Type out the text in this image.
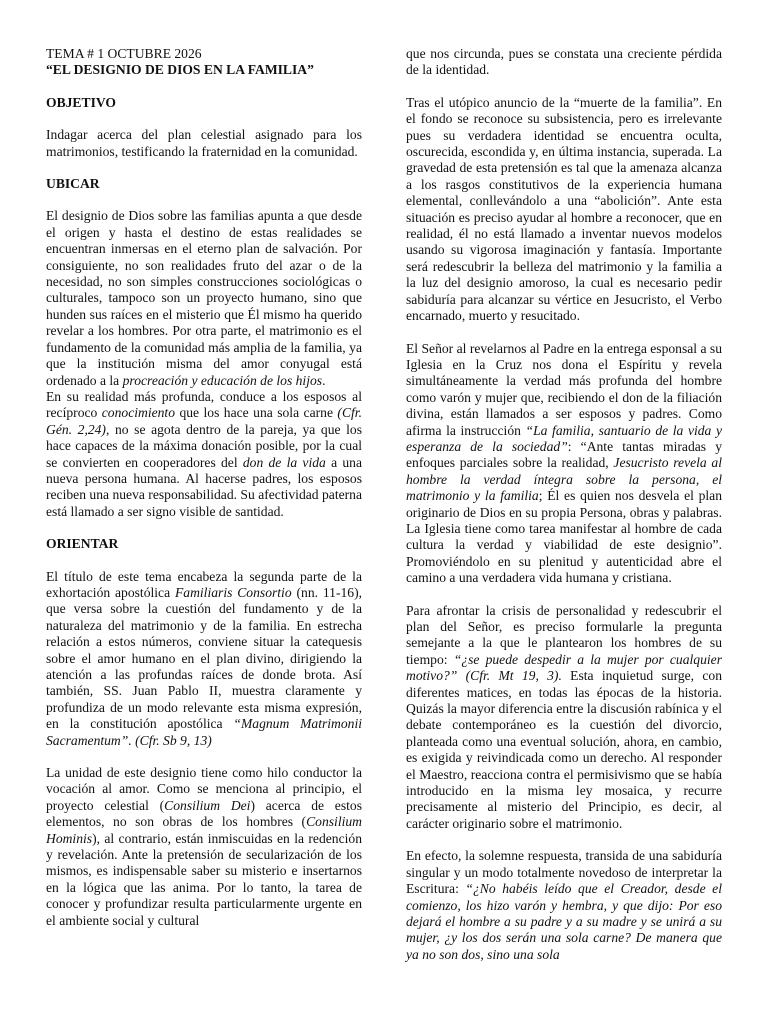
TEMA # 1 OCTUBRE 2026

“EL DESIGNIO DE DIOS EN LA FAMILIA”

OBJETIVO

Indagar acerca del plan celestial asignado para los matrimonios, testificando la fraternidad en la comunidad.

UBICAR

El designio de Dios sobre las familias apunta a que desde el origen y hasta el destino de estas realidades se encuentran inmersas en el eterno plan de salvación. Por consiguiente, no son realidades fruto del azar o de la necesidad, no son simples construcciones sociológicas o culturales, tampoco son un proyecto humano, sino que hunden sus raíces en el misterio que Él mismo ha querido revelar a los hombres. Por otra parte, el matrimonio es el fundamento de la comunidad más amplia de la familia, ya que la institución misma del amor conyugal está ordenado a la procreación y educación de los hijos.

En su realidad más profunda, conduce a los esposos al recíproco conocimiento que los hace una sola carne (Cfr. Gén. 2,24), no se agota dentro de la pareja, ya que los hace capaces de la máxima donación posible, por la cual se convierten en cooperadores del don de la vida a una nueva persona humana. Al hacerse padres, los esposos reciben una nueva responsabilidad. Su afectividad paterna está llamado a ser signo visible de santidad.

ORIENTAR

El título de este tema encabeza la segunda parte de la exhortación apostólica Familiaris Consortio (nn. 11-16), que versa sobre la cuestión del fundamento y de la naturaleza del matrimonio y de la familia. En estrecha relación a estos números, conviene situar la catequesis sobre el amor humano en el plan divino, dirigiendo la atención a las profundas raíces de donde brota. Así también, SS. Juan Pablo II, muestra claramente y profundiza de un modo relevante esta misma expresión, en la constitución apostólica “Magnum Matrimonii Sacramentum”. (Cfr. Sb 9, 13)

La unidad de este designio tiene como hilo conductor la vocación al amor. Como se menciona al principio, el proyecto celestial (Consilium Dei) acerca de estos elementos, no son obras de los hombres (Consilium Hominis), al contrario, están inmiscuidas en la redención y revelación. Ante la pretensión de secularización de los mismos, es indispensable saber su misterio e insertarnos en la lógica que las anima. Por lo tanto, la tarea de conocer y profundizar resulta particularmente urgente en el ambiente social y cultural

que nos circunda, pues se constata una creciente pérdida de la identidad.

Tras el utópico anuncio de la “muerte de la familia”. En el fondo se reconoce su subsistencia, pero es irrelevante pues su verdadera identidad se encuentra oculta, oscurecida, escondida y, en última instancia, superada. La gravedad de esta pretensión es tal que la amenaza alcanza a los rasgos constitutivos de la experiencia humana elemental, conllevándolo a una “abolición”. Ante esta situación es preciso ayudar al hombre a reconocer, que en realidad, él no está llamado a inventar nuevos modelos usando su vigorosa imaginación y fantasía. Importante será redescubrir la belleza del matrimonio y la familia a la luz del designio amoroso, la cual es necesario pedir sabiduría para alcanzar su vértice en Jesucristo, el Verbo encarnado, muerto y resucitado.

El Señor al revelarnos al Padre en la entrega esponsal a su Iglesia en la Cruz nos dona el Espíritu y revela simultáneamente la verdad más profunda del hombre como varón y mujer que, recibiendo el don de la filiación divina, están llamados a ser esposos y padres. Como afirma la instrucción “La familia, santuario de la vida y esperanza de la sociedad”: “Ante tantas miradas y enfoques parciales sobre la realidad, Jesucristo revela al hombre la verdad íntegra sobre la persona, el matrimonio y la familia; Él es quien nos desvela el plan originario de Dios en su propia Persona, obras y palabras. La Iglesia tiene como tarea manifestar al hombre de cada cultura la verdad y viabilidad de este designio”. Promoviéndolo en su plenitud y autenticidad abre el camino a una verdadera vida humana y cristiana.

Para afrontar la crisis de personalidad y redescubrir el plan del Señor, es preciso formularle la pregunta semejante a la que le plantearon los hombres de su tiempo: “¿se puede despedir a la mujer por cualquier motivo?” (Cfr. Mt 19, 3). Esta inquietud surge, con diferentes matices, en todas las épocas de la historia. Quizás la mayor diferencia entre la discusión rabínica y el debate contemporáneo es la cuestión del divorcio, planteada como una eventual solución, ahora, en cambio, es exigida y reivindicada como un derecho. Al responder el Maestro, reacciona contra el permisivismo que se había introducido en la misma ley mosaica, y recurre precisamente al misterio del Principio, es decir, al carácter originario sobre el matrimonio.

En efecto, la solemne respuesta, transida de una sabiduría singular y un modo totalmente novedoso de interpretar la Escritura: “¿No habéis leído que el Creador, desde el comienzo, los hizo varón y hembra, y que dijo: Por eso dejará el hombre a su padre y a su madre y se unirá a su mujer, ¿y los dos serán una sola carne? De manera que ya no son dos, sino una sola
